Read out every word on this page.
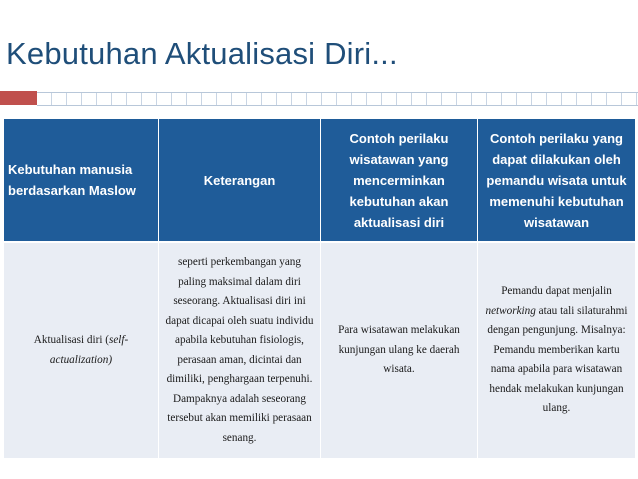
Kebutuhan Aktualisasi Diri...
Kebutuhan manusia berdasarkan Maslow	Keterangan	Contoh perilaku wisatawan yang mencerminkan kebutuhan akan aktualisasi diri	Contoh perilaku yang dapat dilakukan oleh pemandu wisata untuk memenuhi kebutuhan wisatawan
Aktualisasi diri (self-actualization)	seperti perkembangan yang paling maksimal dalam diri seseorang. Aktualisasi diri ini dapat dicapai oleh suatu individu apabila kebutuhan fisiologis, perasaan aman, dicintai dan dimiliki, penghargaan terpenuhi. Dampaknya adalah seseorang tersebut akan memiliki perasaan senang.	Para wisatawan melakukan kunjungan ulang ke daerah wisata.	Pemandu dapat menjalin networking atau tali silaturahmi dengan pengunjung. Misalnya: Pemandu memberikan kartu nama apabila para wisatawan hendak melakukan kunjungan ulang.
